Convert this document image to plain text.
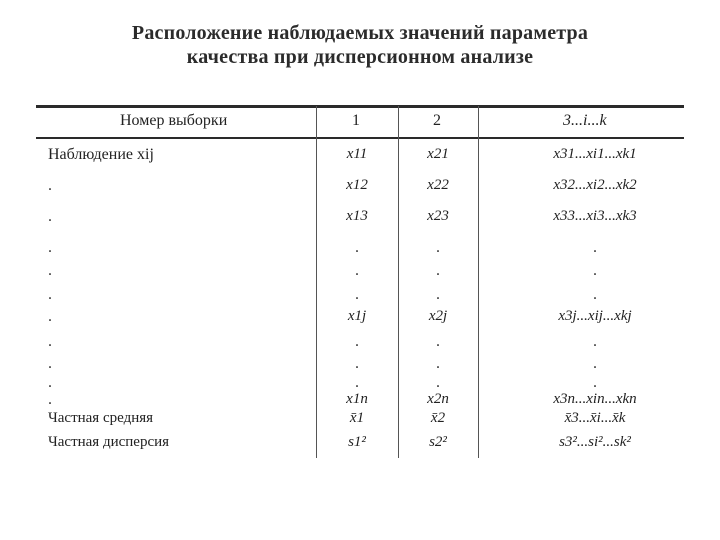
Расположение наблюдаемых значений параметра
качества при дисперсионном анализе
Номер выборки	1	2	3...i...k
Наблюдение xij	x11	x21	x31...xi1...xk1
.	x12	x22	x32...xi2...xk2
.	x13	x23	x33...xi3...xk3
.	.	.	.
.	.	.	.
.	.	.	.
.	x1j	x2j	x3j...xij...xkj
.	.	.	.
.	.	.	.
.	.	.	.
.	x1n	x2n	x3n...xin...xkn
Частная средняя	x̄1	x̄2	x̄3...x̄i...x̄k
Частная дисперсия	s1²	s2²	s3²...si²...sk²
